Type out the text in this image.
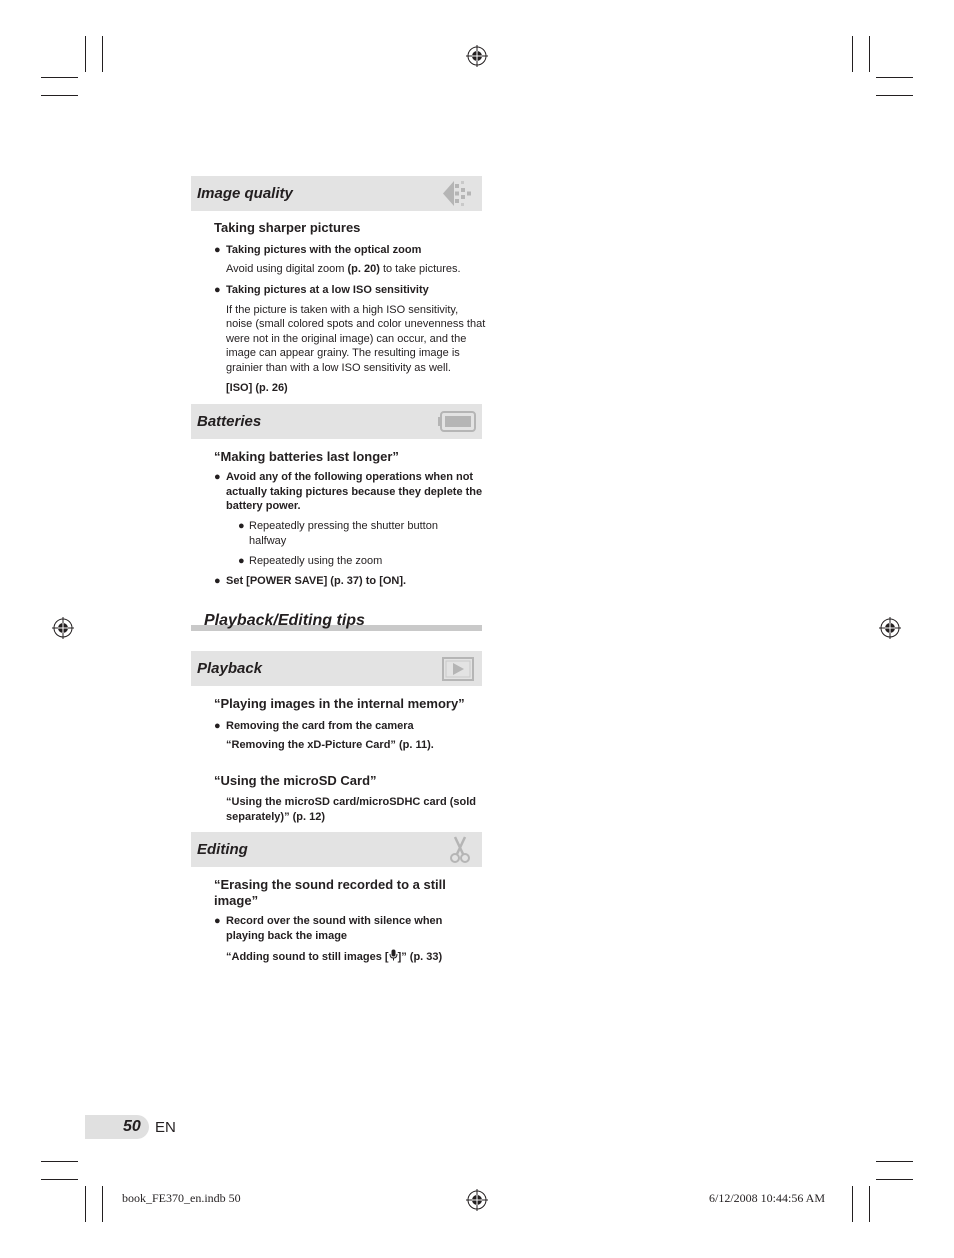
Image quality
Taking sharper pictures
● Taking pictures with the optical zoom
Avoid using digital zoom (p. 20) to take pictures.
● Taking pictures at a low ISO sensitivity
If the picture is taken with a high ISO sensitivity, noise (small colored spots and color unevenness that were not in the original image) can occur, and the image can appear grainy. The resulting image is grainier than with a low ISO sensitivity as well.
[ISO] (p. 26)
Batteries
“Making batteries last longer”
● Avoid any of the following operations when not actually taking pictures because they deplete the battery power.
● Repeatedly pressing the shutter button halfway
● Repeatedly using the zoom
● Set [POWER SAVE] (p. 37) to [ON].
Playback/Editing tips
Playback
“Playing images in the internal memory”
● Removing the card from the camera
“Removing the xD-Picture Card” (p. 11).
“Using the microSD Card”
“Using the microSD card/microSDHC card (sold separately)” (p. 12)
Editing
“Erasing the sound recorded to a still image”
● Record over the sound with silence when playing back the image
“Adding sound to still images [ ]” (p. 33)
50 EN
book_FE370_en.indb 50	6/12/2008 10:44:56 AM
